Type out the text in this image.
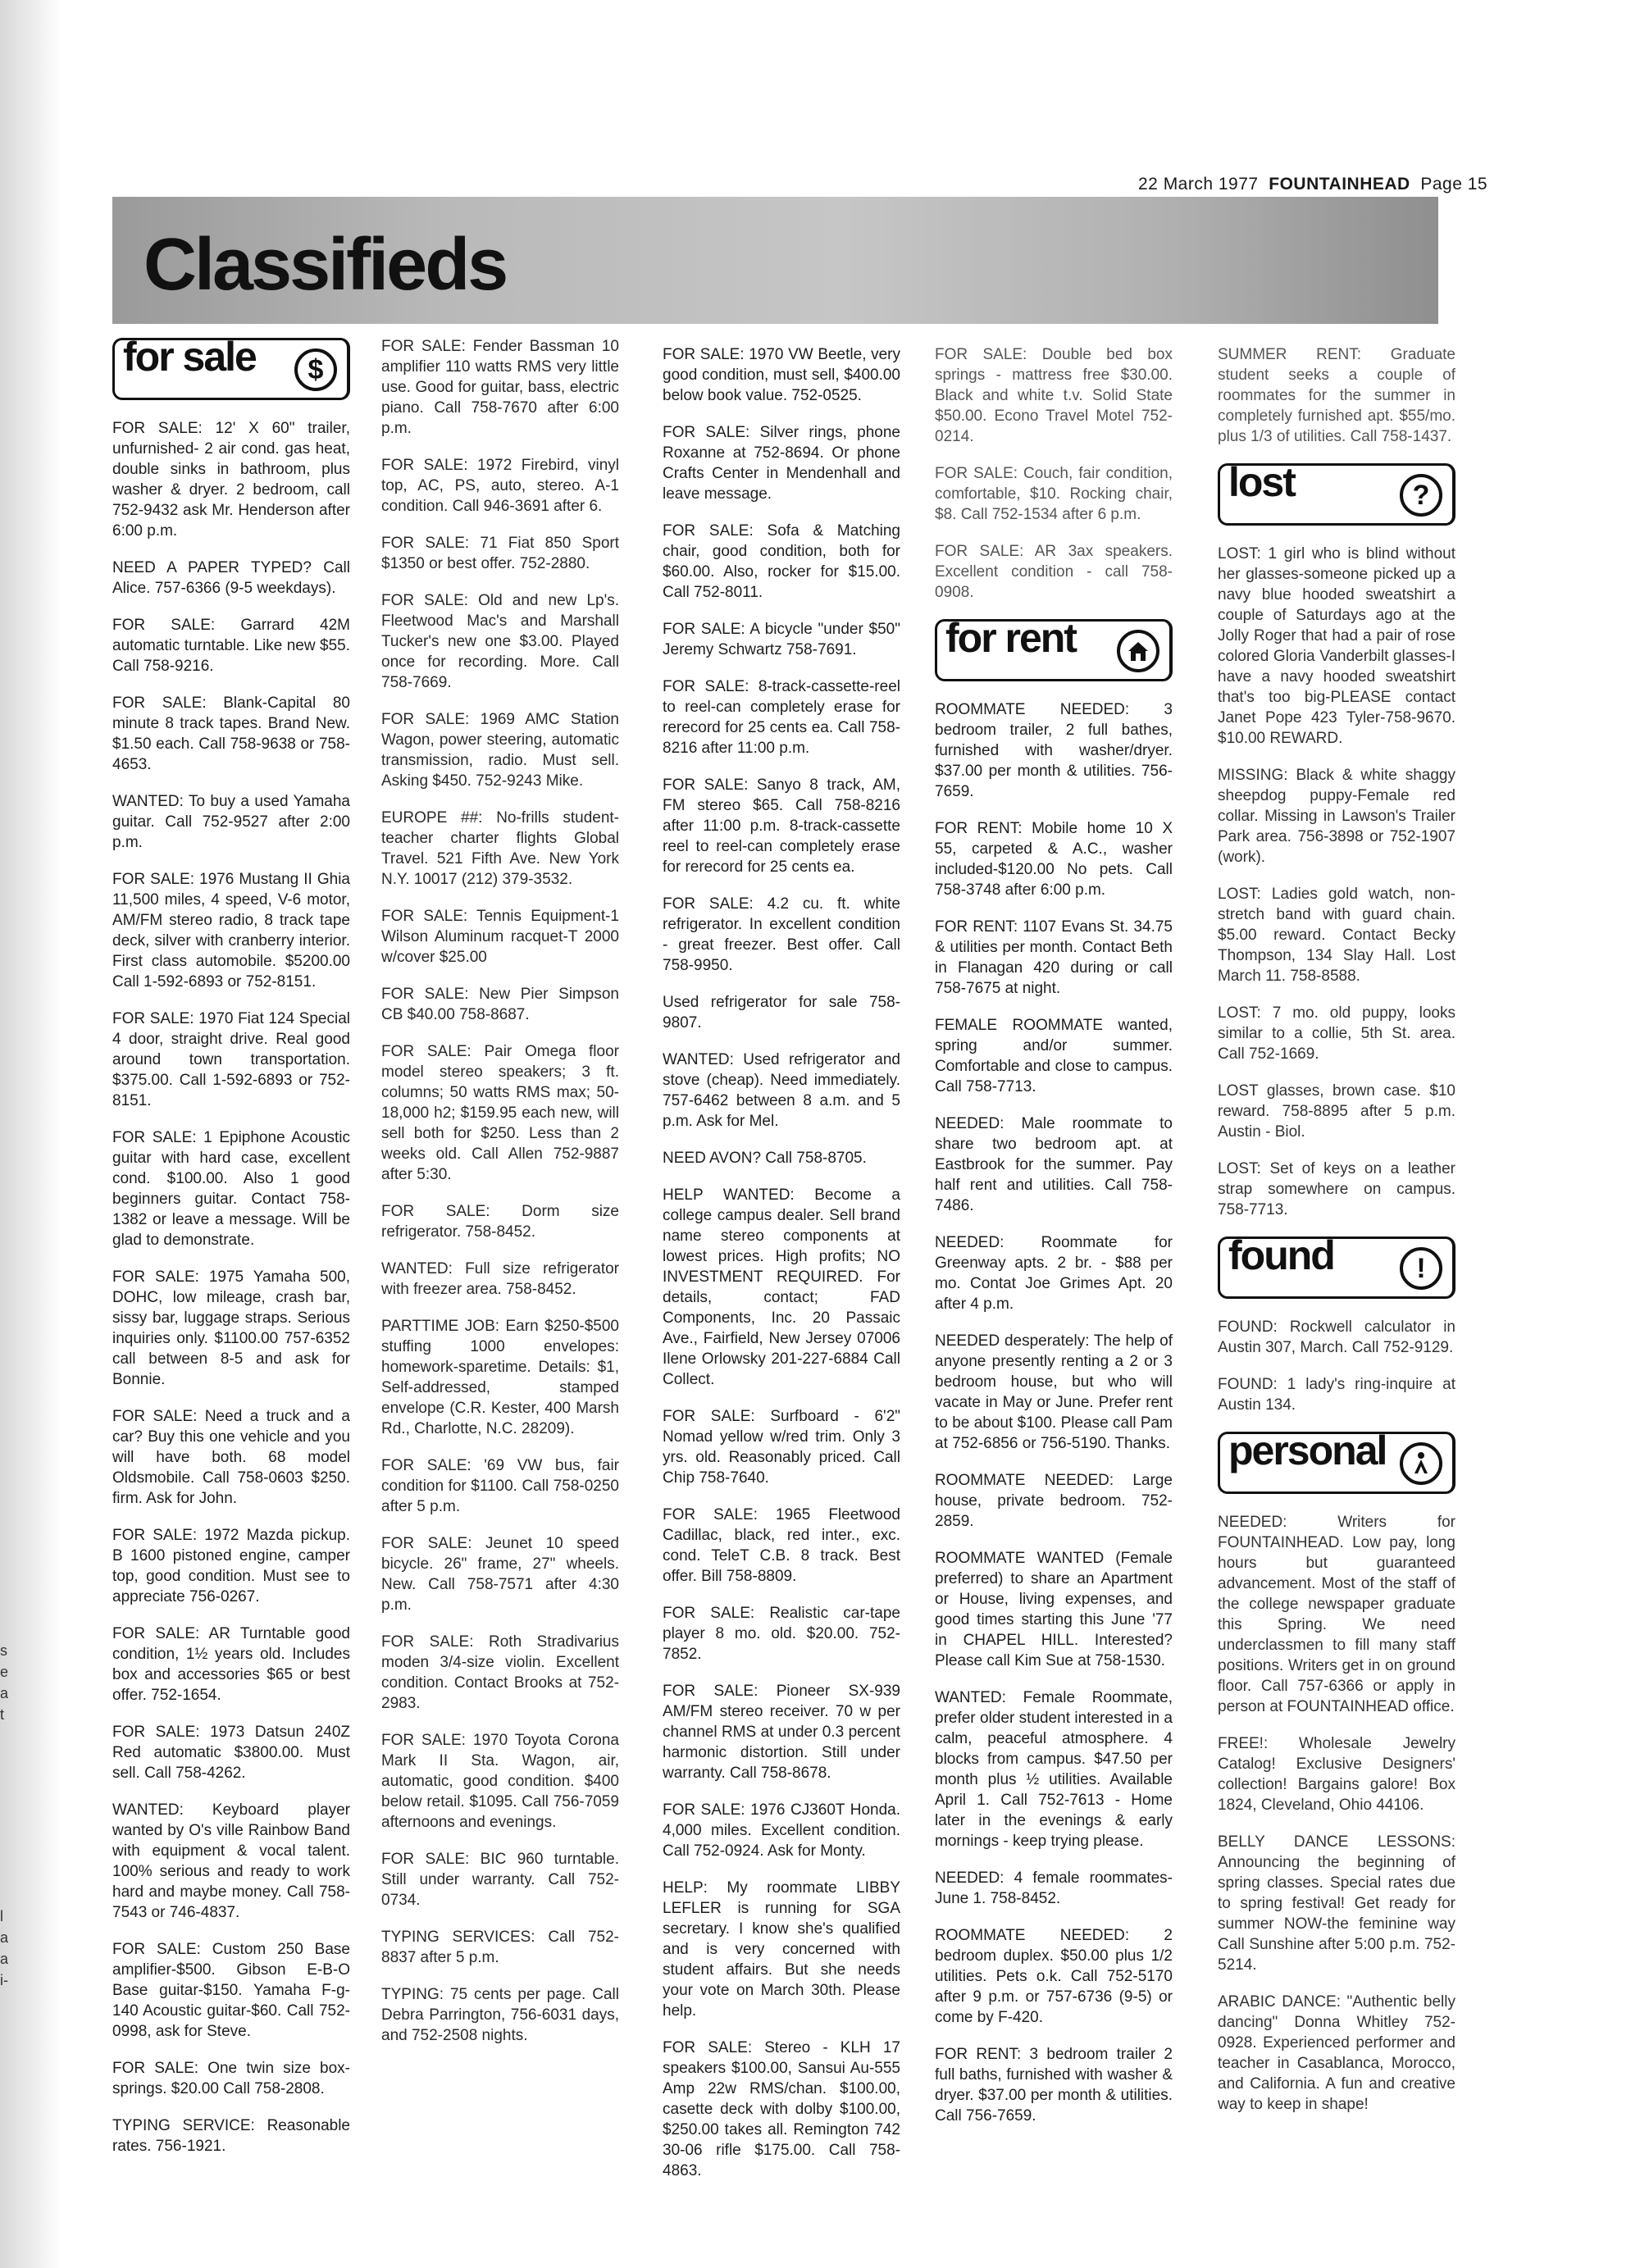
s
e
a
t
l
a
a
i-
22 March 1977 FOUNTAINHEAD Page 15
Classifieds
for sale	$

FOR SALE: 12' X 60" trailer, unfurnished- 2 air cond. gas heat, double sinks in bathroom, plus washer & dryer. 2 bedroom, call 752-9432 ask Mr. Henderson after 6:00 p.m.

NEED A PAPER TYPED? Call Alice. 757-6366 (9-5 weekdays).

FOR SALE: Garrard 42M automatic turntable. Like new $55. Call 758-9216.

FOR SALE: Blank-Capital 80 minute 8 track tapes. Brand New. $1.50 each. Call 758-9638 or 758-4653.

WANTED: To buy a used Yamaha guitar. Call 752-9527 after 2:00 p.m.

FOR SALE: 1976 Mustang II Ghia 11,500 miles, 4 speed, V-6 motor, AM/FM stereo radio, 8 track tape deck, silver with cranberry interior. First class automobile. $5200.00 Call 1-592-6893 or 752-8151.

FOR SALE: 1970 Fiat 124 Special 4 door, straight drive. Real good around town transportation. $375.00. Call 1-592-6893 or 752-8151.

FOR SALE: 1 Epiphone Acoustic guitar with hard case, excellent cond. $100.00. Also 1 good beginners guitar. Contact 758-1382 or leave a message. Will be glad to demonstrate.

FOR SALE: 1975 Yamaha 500, DOHC, low mileage, crash bar, sissy bar, luggage straps. Serious inquiries only. $1100.00 757-6352 call between 8-5 and ask for Bonnie.

FOR SALE: Need a truck and a car? Buy this one vehicle and you will have both. 68 model Oldsmobile. Call 758-0603 $250. firm. Ask for John.

FOR SALE: 1972 Mazda pickup. B 1600 pistoned engine, camper top, good condition. Must see to appreciate 756-0267.

FOR SALE: AR Turntable good condition, 1½ years old. Includes box and accessories $65 or best offer. 752-1654.

FOR SALE: 1973 Datsun 240Z Red automatic $3800.00. Must sell. Call 758-4262.

WANTED: Keyboard player wanted by O's ville Rainbow Band with equipment & vocal talent. 100% serious and ready to work hard and maybe money. Call 758-7543 or 746-4837.

FOR SALE: Custom 250 Base amplifier-$500. Gibson E-B-O Base guitar-$150. Yamaha F-g-140 Acoustic guitar-$60. Call 752-0998, ask for Steve.

FOR SALE: One twin size box-springs. $20.00 Call 758-2808.

TYPING SERVICE: Reasonable rates. 756-1921.

FOR SALE: Fender Bassman 10 amplifier 110 watts RMS very little use. Good for guitar, bass, electric piano. Call 758-7670 after 6:00 p.m.

FOR SALE: 1972 Firebird, vinyl top, AC, PS, auto, stereo. A-1 condition. Call 946-3691 after 6.

FOR SALE: 71 Fiat 850 Sport $1350 or best offer. 752-2880.

FOR SALE: Old and new Lp's. Fleetwood Mac's and Marshall Tucker's new one $3.00. Played once for recording. More. Call 758-7669.

FOR SALE: 1969 AMC Station Wagon, power steering, automatic transmission, radio. Must sell. Asking $450. 752-9243 Mike.

EUROPE ##: No-frills student-teacher charter flights Global Travel. 521 Fifth Ave. New York N.Y. 10017 (212) 379-3532.

FOR SALE: Tennis Equipment-1 Wilson Aluminum racquet-T 2000 w/cover $25.00

FOR SALE: New Pier Simpson CB $40.00 758-8687.

FOR SALE: Pair Omega floor model stereo speakers; 3 ft. columns; 50 watts RMS max; 50-18,000 h2; $159.95 each new, will sell both for $250. Less than 2 weeks old. Call Allen 752-9887 after 5:30.

FOR SALE: Dorm size refrigerator. 758-8452.

WANTED: Full size refrigerator with freezer area. 758-8452.

PARTTIME JOB: Earn $250-$500 stuffing 1000 envelopes: homework-sparetime. Details: $1, Self-addressed, stamped envelope (C.R. Kester, 400 Marsh Rd., Charlotte, N.C. 28209).

FOR SALE: '69 VW bus, fair condition for $1100. Call 758-0250 after 5 p.m.

FOR SALE: Jeunet 10 speed bicycle. 26" frame, 27" wheels. New. Call 758-7571 after 4:30 p.m.

FOR SALE: Roth Stradivarius moden 3/4-size violin. Excellent condition. Contact Brooks at 752-2983.

FOR SALE: 1970 Toyota Corona Mark II Sta. Wagon, air, automatic, good condition. $400 below retail. $1095. Call 756-7059 afternoons and evenings.

FOR SALE: BIC 960 turntable. Still under warranty. Call 752-0734.

TYPING SERVICES: Call 752-8837 after 5 p.m.

TYPING: 75 cents per page. Call Debra Parrington, 756-6031 days, and 752-2508 nights.

FOR SALE: 1970 VW Beetle, very good condition, must sell, $400.00 below book value. 752-0525.

FOR SALE: Silver rings, phone Roxanne at 752-8694. Or phone Crafts Center in Mendenhall and leave message.

FOR SALE: Sofa & Matching chair, good condition, both for $60.00. Also, rocker for $15.00. Call 752-8011.

FOR SALE: A bicycle "under $50" Jeremy Schwartz 758-7691.

FOR SALE: 8-track-cassette-reel to reel-can completely erase for rerecord for 25 cents ea. Call 758-8216 after 11:00 p.m.

FOR SALE: Sanyo 8 track, AM, FM stereo $65. Call 758-8216 after 11:00 p.m. 8-track-cassette reel to reel-can completely erase for rerecord for 25 cents ea.

FOR SALE: 4.2 cu. ft. white refrigerator. In excellent condition - great freezer. Best offer. Call 758-9950.

Used refrigerator for sale 758-9807.

WANTED: Used refrigerator and stove (cheap). Need immediately. 757-6462 between 8 a.m. and 5 p.m. Ask for Mel.

NEED AVON? Call 758-8705.

HELP WANTED: Become a college campus dealer. Sell brand name stereo components at lowest prices. High profits; NO INVESTMENT REQUIRED. For details, contact; FAD Components, Inc. 20 Passaic Ave., Fairfield, New Jersey 07006 Ilene Orlowsky 201-227-6884 Call Collect.

FOR SALE: Surfboard - 6'2" Nomad yellow w/red trim. Only 3 yrs. old. Reasonably priced. Call Chip 758-7640.

FOR SALE: 1965 Fleetwood Cadillac, black, red inter., exc. cond. TeleT C.B. 8 track. Best offer. Bill 758-8809.

FOR SALE: Realistic car-tape player 8 mo. old. $20.00. 752-7852.

FOR SALE: Pioneer SX-939 AM/FM stereo receiver. 70 w per channel RMS at under 0.3 percent harmonic distortion. Still under warranty. Call 758-8678.

FOR SALE: 1976 CJ360T Honda. 4,000 miles. Excellent condition. Call 752-0924. Ask for Monty.

HELP: My roommate LIBBY LEFLER is running for SGA secretary. I know she's qualified and is very concerned with student affairs. But she needs your vote on March 30th. Please help.

FOR SALE: Stereo - KLH 17 speakers $100.00, Sansui Au-555 Amp 22w RMS/chan. $100.00, casette deck with dolby $100.00, $250.00 takes all. Remington 742 30-06 rifle $175.00. Call 758-4863.

FOR SALE: Double bed box springs - mattress free $30.00. Black and white t.v. Solid State $50.00. Econo Travel Motel 752-0214.

FOR SALE: Couch, fair condition, comfortable, $10. Rocking chair, $8. Call 752-1534 after 6 p.m.

FOR SALE: AR 3ax speakers. Excellent condition - call 758-0908.

for rent

ROOMMATE NEEDED: 3 bedroom trailer, 2 full bathes, furnished with washer/dryer. $37.00 per month & utilities. 756-7659.

FOR RENT: Mobile home 10 X 55, carpeted & A.C., washer included-$120.00 No pets. Call 758-3748 after 6:00 p.m.

FOR RENT: 1107 Evans St. 34.75 & utilities per month. Contact Beth in Flanagan 420 during or call 758-7675 at night.

FEMALE ROOMMATE wanted, spring and/or summer. Comfortable and close to campus. Call 758-7713.

NEEDED: Male roommate to share two bedroom apt. at Eastbrook for the summer. Pay half rent and utilities. Call 758-7486.

NEEDED: Roommate for Greenway apts. 2 br. - $88 per mo. Contat Joe Grimes Apt. 20 after 4 p.m.

NEEDED desperately: The help of anyone presently renting a 2 or 3 bedroom house, but who will vacate in May or June. Prefer rent to be about $100. Please call Pam at 752-6856 or 756-5190. Thanks.

ROOMMATE NEEDED: Large house, private bedroom. 752-2859.

ROOMMATE WANTED (Female preferred) to share an Apartment or House, living expenses, and good times starting this June '77 in CHAPEL HILL. Interested? Please call Kim Sue at 758-1530.

WANTED: Female Roommate, prefer older student interested in a calm, peaceful atmosphere. 4 blocks from campus. $47.50 per month plus ½ utilities. Available April 1. Call 752-7613 - Home later in the evenings & early mornings - keep trying please.

NEEDED: 4 female roommates-June 1. 758-8452.

ROOMMATE NEEDED: 2 bedroom duplex. $50.00 plus 1/2 utilities. Pets o.k. Call 752-5170 after 9 p.m. or 757-6736 (9-5) or come by F-420.

FOR RENT: 3 bedroom trailer 2 full baths, furnished with washer & dryer. $37.00 per month & utilities. Call 756-7659.

SUMMER RENT: Graduate student seeks a couple of roommates for the summer in completely furnished apt. $55/mo. plus 1/3 of utilities. Call 758-1437.

lost	?

LOST: 1 girl who is blind without her glasses-someone picked up a navy blue hooded sweatshirt a couple of Saturdays ago at the Jolly Roger that had a pair of rose colored Gloria Vanderbilt glasses-I have a navy hooded sweatshirt that's too big-PLEASE contact Janet Pope 423 Tyler-758-9670. $10.00 REWARD.

MISSING: Black & white shaggy sheepdog puppy-Female red collar. Missing in Lawson's Trailer Park area. 756-3898 or 752-1907 (work).

LOST: Ladies gold watch, non-stretch band with guard chain. $5.00 reward. Contact Becky Thompson, 134 Slay Hall. Lost March 11. 758-8588.

LOST: 7 mo. old puppy, looks similar to a collie, 5th St. area. Call 752-1669.

LOST glasses, brown case. $10 reward. 758-8895 after 5 p.m. Austin - Biol.

LOST: Set of keys on a leather strap somewhere on campus. 758-7713.

found	!

FOUND: Rockwell calculator in Austin 307, March. Call 752-9129.

FOUND: 1 lady's ring-inquire at Austin 134.

personal

NEEDED: Writers for FOUNTAINHEAD. Low pay, long hours but guaranteed advancement. Most of the staff of the college newspaper graduate this Spring. We need underclassmen to fill many staff positions. Writers get in on ground floor. Call 757-6366 or apply in person at FOUNTAINHEAD office.

FREE!: Wholesale Jewelry Catalog! Exclusive Designers' collection! Bargains galore! Box 1824, Cleveland, Ohio 44106.

BELLY DANCE LESSONS: Announcing the beginning of spring classes. Special rates due to spring festival! Get ready for summer NOW-the feminine way Call Sunshine after 5:00 p.m. 752-5214.

ARABIC DANCE: "Authentic belly dancing" Donna Whitley 752-0928. Experienced performer and teacher in Casablanca, Morocco, and California. A fun and creative way to keep in shape!
